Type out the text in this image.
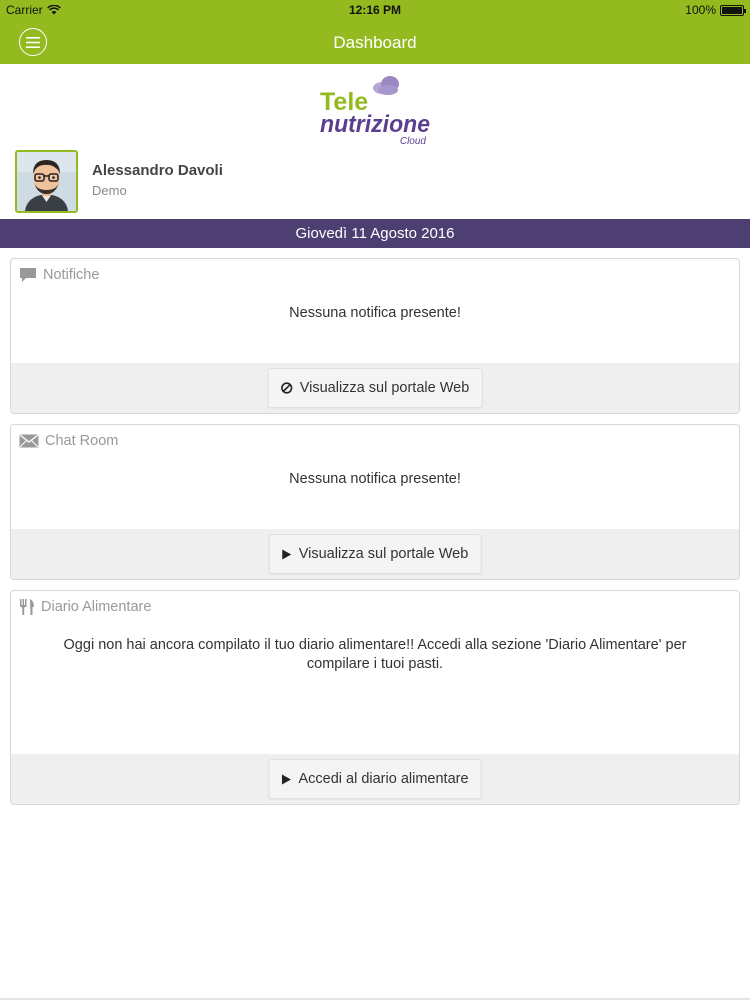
Carrier	12:16 PM	100%
Dashboard
Tele
nutrizione
Cloud
Alessandro Davoli
Demo
Giovedì 11 Agosto 2016
Notifiche
Nessuna notifica presente!
Visualizza sul portale Web
Chat Room
Nessuna notifica presente!
Visualizza sul portale Web
Diario Alimentare
Oggi non hai ancora compilato il tuo diario alimentare!! Accedi alla sezione 'Diario Alimentare' per compilare i tuoi pasti.
Accedi al diario alimentare
